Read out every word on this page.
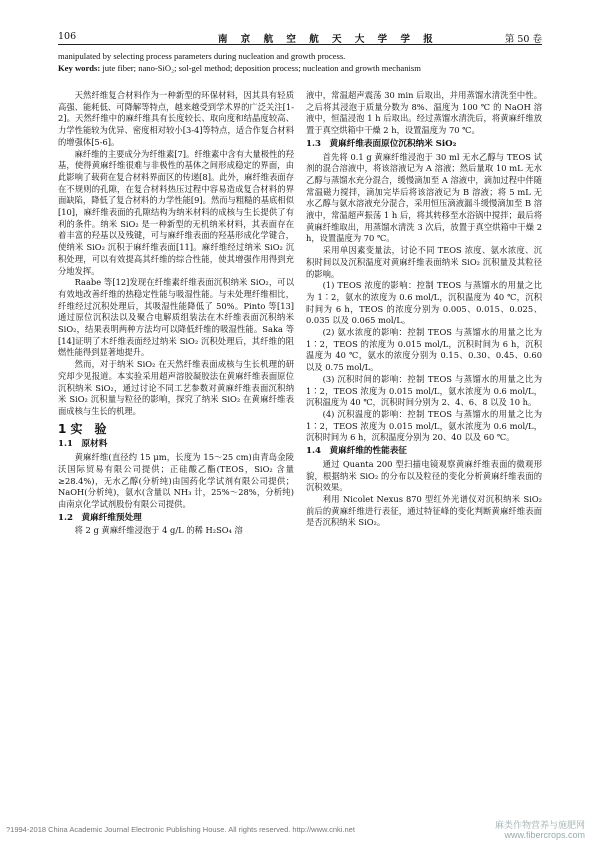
106	南 京 航 空 航 天 大 学 学 报	第 50 卷
manipulated by selecting process parameters during nucleation and growth process.
Key words: jute fiber; nano-SiO₂; sol-gel method; deposition process; nucleation and growth mechanism

天然纤维复合材料作为一种新型的环保材料，因其具有轻质高强、能耗低、可降解等特点，越来越受到学术界的广泛关注[1-2]。天然纤维中的麻纤维具有长度较长、取向度和结晶度较高、力学性能较为优异、密度相对较小[3-4]等特点，适合作复合材料的增强体[5-6]。

麻纤维的主要成分为纤维素[7]。纤维素中含有大量极性的羟基，使得黄麻纤维很难与非极性的基体之间形成稳定的界面，由此影响了载荷在复合材料界面区的传递[8]。此外，麻纤维表面存在不规则的孔隙，在复合材料热压过程中容易造成复合材料的界面缺陷，降低了复合材料的力学性能[9]。然而与粗糙的基底相似[10]，麻纤维表面的孔隙结构为纳米材料的成核与生长提供了有利的条件。纳米 SiO₂ 是一种新型的无机纳米材料，其表面存在着丰富的羟基以及残键，可与麻纤维表面的羟基形成化学键合，使纳米 SiO₂ 沉积于麻纤维表面[11]。麻纤维经过纳米 SiO₂ 沉积处理，可以有效提高其纤维的综合性能，使其增强作用得到充分地发挥。

Raabe 等[12]发现在纤维素纤维表面沉积纳米 SiO₂，可以有效地改善纤维的热稳定性能与吸湿性能。与未处理纤维相比，纤维经过沉积处理后，其吸湿性能降低了 50%。Pinto 等[13]通过原位沉积法以及聚合电解质组装法在木纤维表面沉积纳米 SiO₂，结果表明两种方法均可以降低纤维的吸湿性能。Saka 等[14]证明了木纤维表面经过纳米 SiO₂ 沉积处理后，其纤维的阻燃性能得到显著地提升。

然而，对于纳米 SiO₂ 在天然纤维表面成核与生长机理的研究却少见报道。本实验采用超声溶胶凝胶法在黄麻纤维表面原位沉积纳米 SiO₂，通过讨论不同工艺参数对黄麻纤维表面沉积纳米 SiO₂ 沉积量与粒径的影响，探究了纳米 SiO₂ 在黄麻纤维表面成核与生长的机理。

1 实　验
1.1　原材料

黄麻纤维(直径约 15 μm，长度为 15～25 cm)由青岛金陵沃国际贸易有限公司提供；正硅酸乙酯(TEOS，SiO₂ 含量≥28.4%)，无水乙醇(分析纯)由国药化学试剂有限公司提供；NaOH(分析纯)，氨水(含量以 NH₃ 计，25%～28%，分析纯)由南京化学试剂股份有限公司提供。

1.2　黄麻纤维预处理

将 2 g 黄麻纤维浸泡于 4 g/L 的稀 H₂SO₄ 溶

液中，常温超声震荡 30 min 后取出，并用蒸馏水清洗至中性。之后将其浸泡于质量分数为 8%、温度为 100 ℃ 的 NaOH 溶液中，恒温浸泡 1 h 后取出。经过蒸馏水清洗后，将黄麻纤维放置于真空烘箱中干燥 2 h，设置温度为 70 ℃。

1.3　黄麻纤维表面原位沉积纳米 SiO₂

首先将 0.1 g 黄麻纤维浸泡于 30 ml 无水乙醇与 TEOS 试剂的混合溶液中，将该溶液记为 A 溶液；然后量取 10 mL 无水乙醇与蒸馏水充分混合，缓慢滴加至 A 溶液中，滴加过程中伴随常温磁力搅拌，滴加完毕后将该溶液记为 B 溶液；将 5 mL 无水乙醇与氨水溶液充分混合，采用恒压滴液漏斗缓慢滴加至 B 溶液中，常温超声振荡 1 h 后，将其转移至水浴锅中搅拌；最后将黄麻纤维取出，用蒸馏水清洗 3 次后，放置于真空烘箱中干燥 2 h，设置温度为 70 ℃。

采用单因素变量法，讨论不同 TEOS 浓度、氨水浓度、沉积时间以及沉积温度对黄麻纤维表面纳米 SiO₂ 沉积量及其粒径的影响。

(1) TEOS 浓度的影响：控制 TEOS 与蒸馏水的用量之比为 1∶2，氨水的浓度为 0.6 mol/L，沉积温度为 40 ℃，沉积时间为 6 h，TEOS 的浓度分别为 0.005、0.015、0.025、0.035 以及 0.065 mol/L。

(2) 氨水浓度的影响：控制 TEOS 与蒸馏水的用量之比为 1∶2，TEOS 的浓度为 0.015 mol/L，沉积时间为 6 h，沉积温度为 40 ℃，氨水的浓度分别为 0.15、0.30、0.45、0.60 以及 0.75 mol/L。

(3) 沉积时间的影响：控制 TEOS 与蒸馏水的用量之比为 1∶2，TEOS 浓度为 0.015 mol/L，氨水浓度为 0.6 mol/L，沉积温度为 40 ℃，沉积时间分别为 2、4、6、8 以及 10 h。

(4) 沉积温度的影响：控制 TEOS 与蒸馏水的用量之比为 1∶2，TEOS 浓度为 0.015 mol/L，氨水浓度为 0.6 mol/L，沉积时间为 6 h，沉积温度分别为 20、40 以及 60 ℃。

1.4　黄麻纤维的性能表征

通过 Quanta 200 型扫描电镜观察黄麻纤维表面的微观形貌，根据纳米 SiO₂ 的分布以及粒径的变化分析黄麻纤维表面的沉积效果。

利用 Nicolet Nexus 870 型红外光谱仪对沉积纳米 SiO₂ 前后的黄麻纤维进行表征，通过特征峰的变化判断黄麻纤维表面是否沉积纳米 SiO₂。

?1994-2018 China Academic Journal Electronic Publishing House. All rights reserved. http://www.cnki.net	麻类作物营养与施肥网
www.fibercrops.com
